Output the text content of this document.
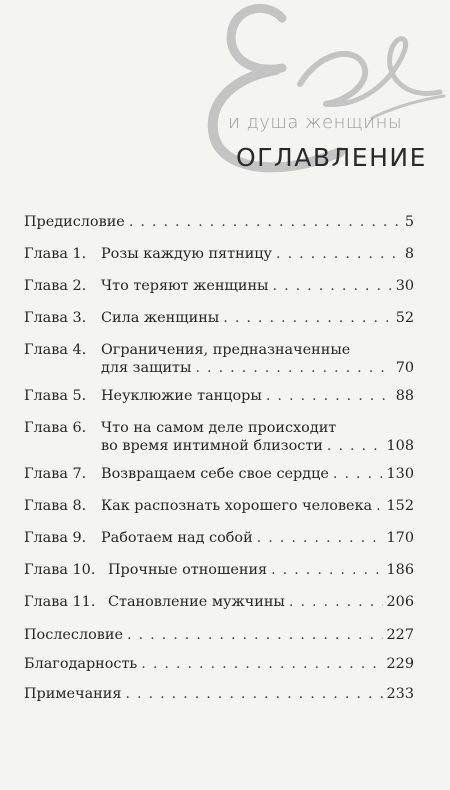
и душа женщины
ОГЛАВЛЕНИЕ
Предисловие . . .	5
Глава 1.	Розы каждую пятницу . . .	8
Глава 2.	Что теряют женщины . . .	30
Глава 3.	Сила женщины . . .	52
Глава 4.	Ограничения, предназначенные
для защиты . . .	70
Глава 5.	Неуклюжие танцоры . . .	88
Глава 6.	Что на самом деле происходит
во время интимной близости . . .	108
Глава 7.	Возвращаем себе свое сердце . . .	130
Глава 8.	Как распознать хорошего человека . . . 152
Глава 9.	Работаем над собой . . .	170
Глава 10. Прочные отношения . . .	186
Глава 11. Становление мужчины . . .	206
Послесловие . . .	227
Благодарность . . .	229
Примечания . . .	233
